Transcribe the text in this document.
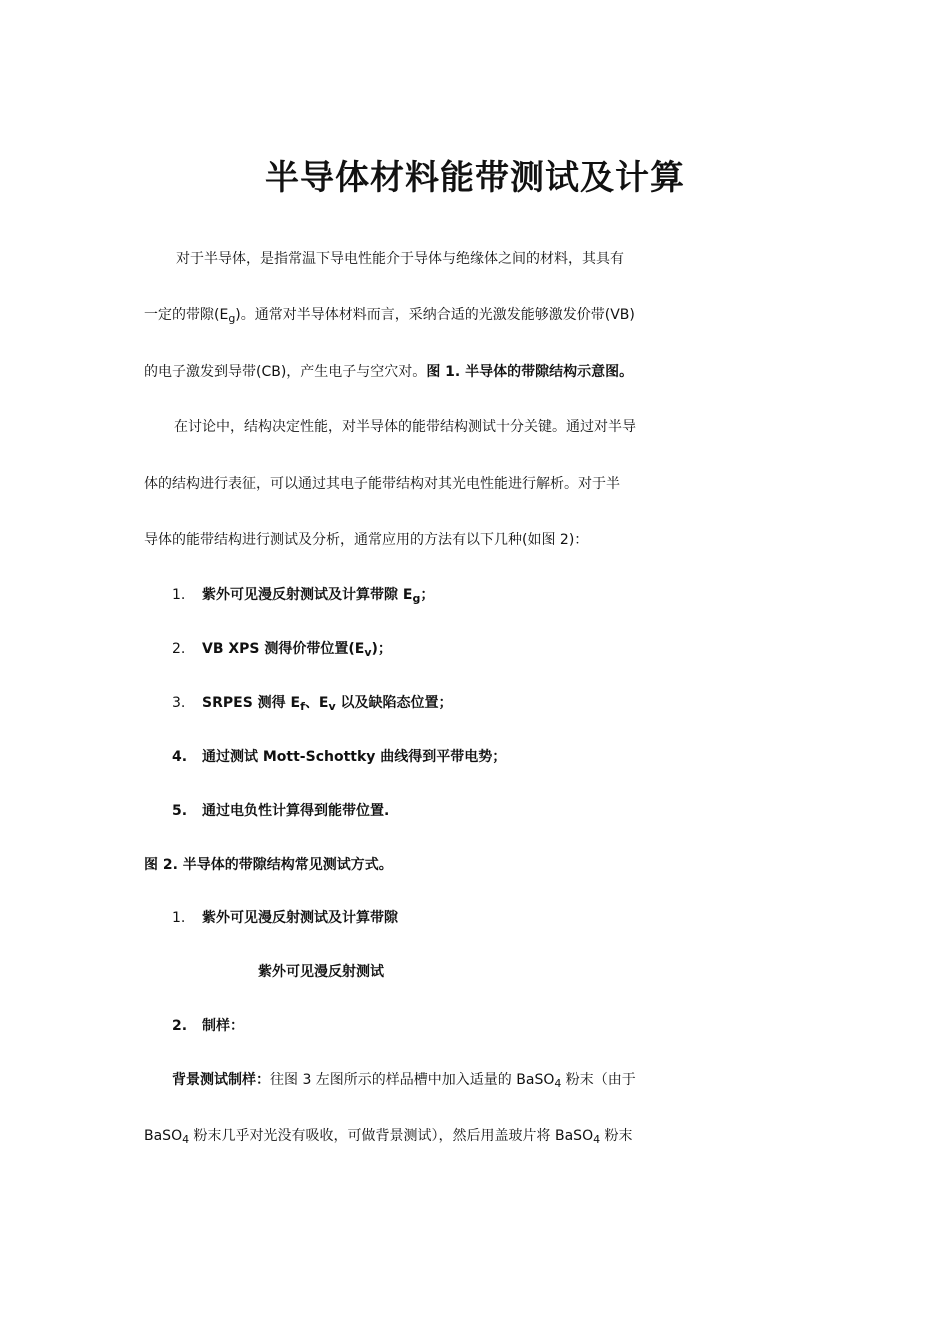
半导体材料能带测试及计算
对于半导体，是指常温下导电性能介于导体与绝缘体之间的材料，其具有
一定的带隙$(E_g)$。通常对半导体材料而言，采纳合适的光激发能够激发价带(VB)
的电子激发到导带(CB)，产生电子与空穴对。图 1. 半导体的带隙结构示意图。
在讨论中，结构决定性能，对半导体的能带结构测试十分关键。通过对半导
体的结构进行表征，可以通过其电子能带结构对其光电性能进行解析。对于半
导体的能带结构进行测试及分析，通常应用的方法有以下几种(如图 2)：
1. 紫外可见漫反射测试及计算带隙 $E_g$；
2. VB XPS 测得价带位置$(E_v)$；
3. SRPES 测得 $E_f$、$E_v$ 以及缺陷态位置；
4. 通过测试 Mott-Schottky 曲线得到平带电势；
5. 通过电负性计算得到能带位置.
图 2. 半导体的带隙结构常见测试方式。
1. 紫外可见漫反射测试及计算带隙
紫外可见漫反射测试
2. 制样：
背景测试制样：往图 3 左图所示的样品槽中加入适量的 BaSO$_4$ 粉末（由于
BaSO$_4$ 粉末几乎对光没有吸收，可做背景测试），然后用盖玻片将 BaSO$_4$ 粉末
